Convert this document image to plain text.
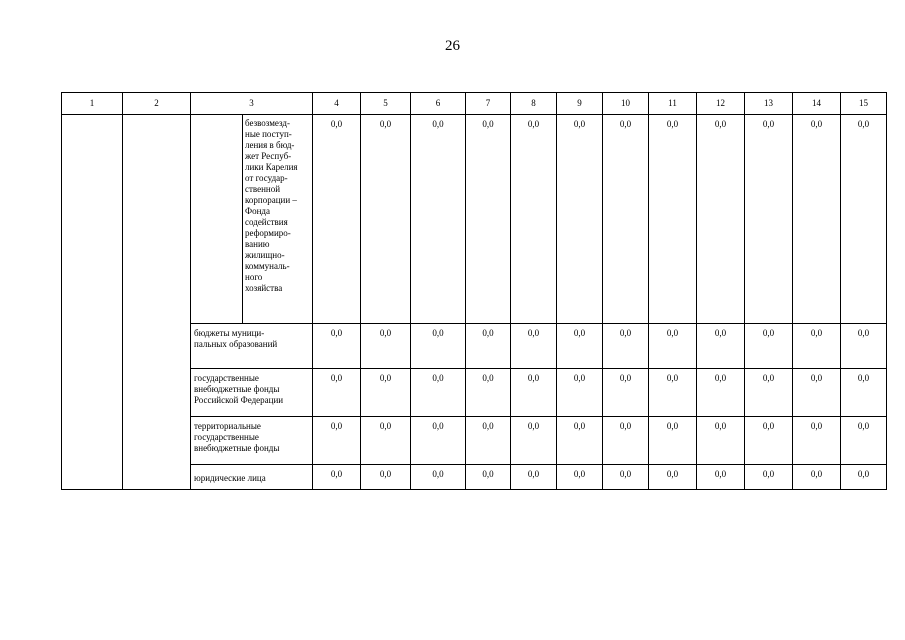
26
1	2	3	4	5	6	7	8	9	10	11	12	13	14	15
безвозмезд-
ные поступ-
ления в бюд-
жет Респуб-
лики Карелия
от государ-
ственной
корпорации –
Фонда
содействия
реформиро-
ванию
жилищно-
коммуналь-
ного
хозяйства
0,0	0,0	0,0	0,0	0,0	0,0	0,0	0,0	0,0	0,0	0,0	0,0
бюджеты муници-
пальных образований
0,0	0,0	0,0	0,0	0,0	0,0	0,0	0,0	0,0	0,0	0,0	0,0
государственные
внебюджетные фонды
Российской Федерации
0,0	0,0	0,0	0,0	0,0	0,0	0,0	0,0	0,0	0,0	0,0	0,0
территориальные
государственные
внебюджетные фонды
0,0	0,0	0,0	0,0	0,0	0,0	0,0	0,0	0,0	0,0	0,0	0,0
юридические лица	0,0	0,0	0,0	0,0	0,0	0,0	0,0	0,0	0,0	0,0	0,0	0,0
